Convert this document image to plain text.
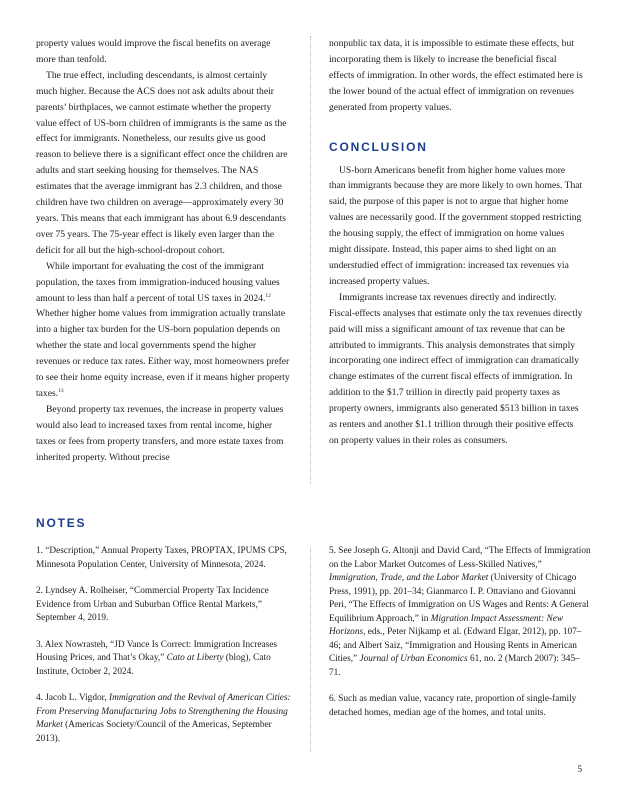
property values would improve the fiscal benefits on average more than tenfold.

The true effect, including descendants, is almost certainly much higher. Because the ACS does not ask adults about their parents’ birthplaces, we cannot estimate whether the property value effect of US-born children of immigrants is the same as the effect for immigrants. Nonetheless, our results give us good reason to believe there is a significant effect once the children are adults and start seeking housing for themselves. The NAS estimates that the average immigrant has 2.3 children, and those children have two children on average—approximately every 30 years. This means that each immigrant has about 6.9 descendants over 75 years. The 75-year effect is likely even larger than the deficit for all but the high-school-dropout cohort.

While important for evaluating the cost of the immigrant population, the taxes from immigration-induced housing values amount to less than half a percent of total US taxes in 2024.12 Whether higher home values from immigration actually translate into a higher tax burden for the US-born population depends on whether the state and local governments spend the higher revenues or reduce tax rates. Either way, most homeowners prefer to see their home equity increase, even if it means higher property taxes.$^{13}$

Beyond property tax revenues, the increase in property values would also lead to increased taxes from rental income, higher taxes or fees from property transfers, and more estate taxes from inherited property. Without precise

nonpublic tax data, it is impossible to estimate these effects, but incorporating them is likely to increase the beneficial fiscal effects of immigration. In other words, the effect estimated here is the lower bound of the actual effect of immigration on revenues generated from property values.

CONCLUSION

US-born Americans benefit from higher home values more than immigrants because they are more likely to own homes. That said, the purpose of this paper is not to argue that higher home values are necessarily good. If the government stopped restricting the housing supply, the effect of immigration on home values might dissipate. Instead, this paper aims to shed light on an understudied effect of immigration: increased tax revenues via increased property values.

Immigrants increase tax revenues directly and indirectly. Fiscal-effects analyses that estimate only the tax revenues directly paid will miss a significant amount of tax revenue that can be attributed to immigrants. This analysis demonstrates that simply incorporating one indirect effect of immigration can dramatically change estimates of the current fiscal effects of immigration. In addition to the $1.7 trillion in directly paid property taxes as property owners, immigrants also generated $513 billion in taxes as renters and another $1.1 trillion through their positive effects on property values in their roles as consumers.

NOTES

1. “Description,” Annual Property Taxes, PROPTAX, IPUMS CPS, Minnesota Population Center, University of Minnesota, 2024.

2. Lyndsey A. Rolheiser, “Commercial Property Tax Incidence Evidence from Urban and Suburban Office Rental Markets,” September 4, 2019.

3. Alex Nowrasteh, “JD Vance Is Correct: Immigration Increases Housing Prices, and That’s Okay,” Cato at Liberty (blog), Cato Institute, October 2, 2024.

4. Jacob L. Vigdor, Immigration and the Revival of American Cities: From Preserving Manufacturing Jobs to Strengthening the Housing Market (Americas Society/Council of the Americas, September 2013).

5. See Joseph G. Altonji and David Card, “The Effects of Immigration on the Labor Market Outcomes of Less-Skilled Natives,” Immigration, Trade, and the Labor Market (University of Chicago Press, 1991), pp. 201–34; Gianmarco I. P. Ottaviano and Giovanni Peri, “The Effects of Immigration on US Wages and Rents: A General Equilibrium Approach,” in Migration Impact Assessment: New Horizons, eds., Peter Nijkamp et al. (Edward Elgar, 2012), pp. 107–46; and Albert Saiz, “Immigration and Housing Rents in American Cities,” Journal of Urban Economics 61, no. 2 (March 2007): 345–71.

6. Such as median value, vacancy rate, proportion of single-family detached homes, median age of the homes, and total units.

5
